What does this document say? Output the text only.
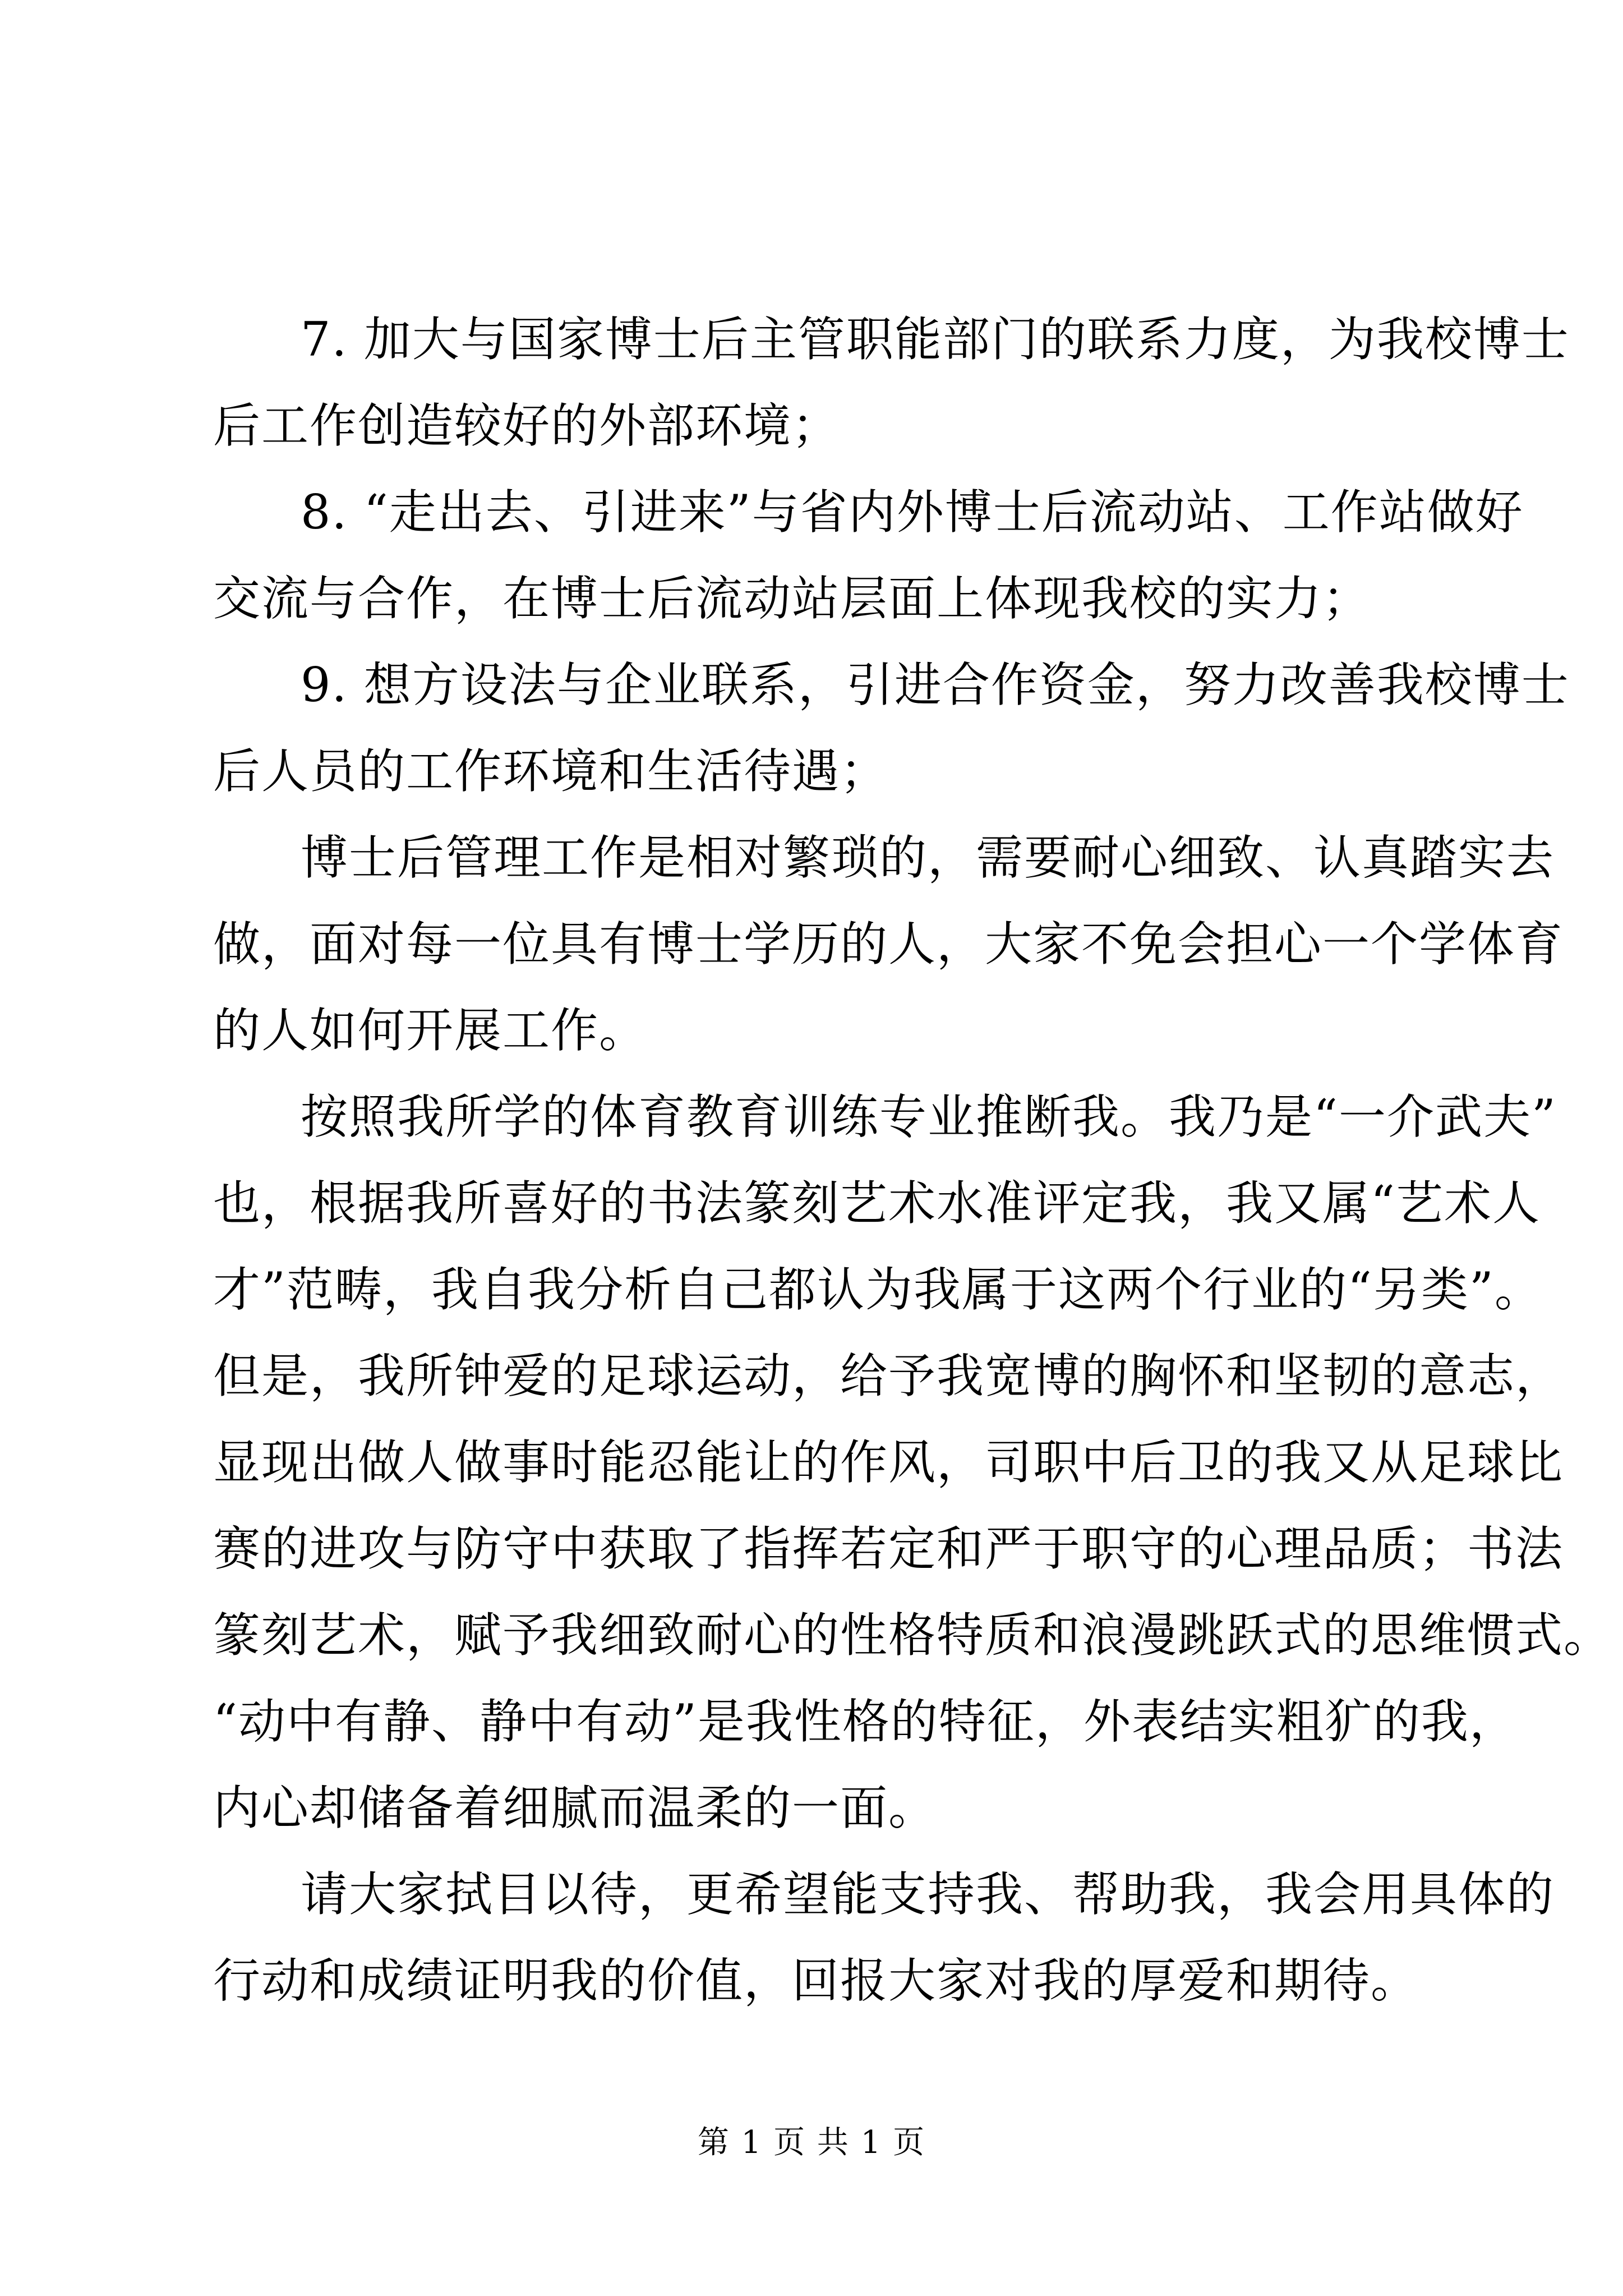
7. 加大与国家博士后主管职能部门的联系力度，为我校博士
后工作创造较好的外部环境；
8. “走出去、引进来”与省内外博士后流动站、工作站做好
交流与合作，在博士后流动站层面上体现我校的实力；
9. 想方设法与企业联系，引进合作资金，努力改善我校博士
后人员的工作环境和生活待遇；
博士后管理工作是相对繁琐的，需要耐心细致、认真踏实去
做，面对每一位具有博士学历的人，大家不免会担心一个学体育
的人如何开展工作。
按照我所学的体育教育训练专业推断我。我乃是“一介武夫”
也，根据我所喜好的书法篆刻艺术水准评定我，我又属“艺术人
才”范畴，我自我分析自己都认为我属于这两个行业的“另类”。
但是，我所钟爱的足球运动，给予我宽博的胸怀和坚韧的意志，
显现出做人做事时能忍能让的作风，司职中后卫的我又从足球比
赛的进攻与防守中获取了指挥若定和严于职守的心理品质；书法
篆刻艺术，赋予我细致耐心的性格特质和浪漫跳跃式的思维惯式。
“动中有静、静中有动”是我性格的特征，外表结实粗犷的我，
内心却储备着细腻而温柔的一面。
请大家拭目以待，更希望能支持我、帮助我，我会用具体的
行动和成绩证明我的价值，回报大家对我的厚爱和期待。
第 1 页 共 1 页
